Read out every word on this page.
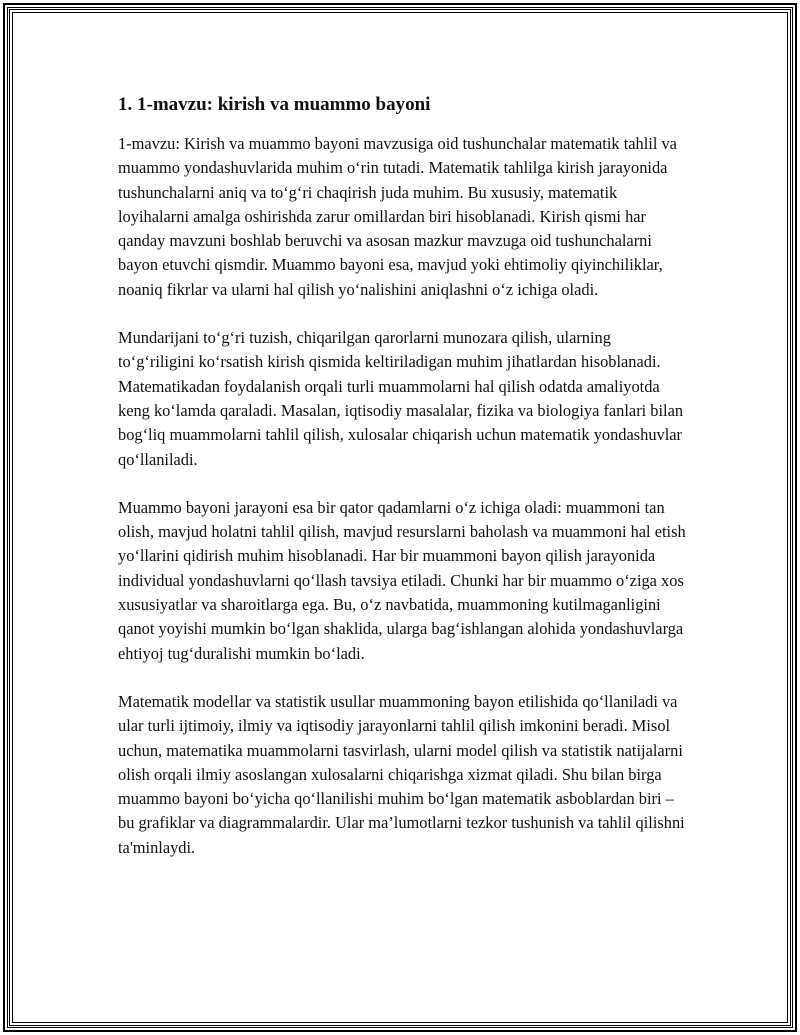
1. 1-mavzu: kirish va muammo bayoni

1-mavzu: Kirish va muammo bayoni mavzusiga oid tushunchalar matematik tahlil va muammo yondashuvlarida muhim o‘rin tutadi. Matematik tahlilga kirish jarayonida tushunchalarni aniq va to‘g‘ri chaqirish juda muhim. Bu xususiy, matematik loyihalarni amalga oshirishda zarur omillardan biri hisoblanadi. Kirish qismi har qanday mavzuni boshlab beruvchi va asosan mazkur mavzuga oid tushunchalarni bayon etuvchi qismdir. Muammo bayoni esa, mavjud yoki ehtimoliy qiyinchiliklar, noaniq fikrlar va ularni hal qilish yo‘nalishini aniqlashni o‘z ichiga oladi.

Mundarijani to‘g‘ri tuzish, chiqarilgan qarorlarni munozara qilish, ularning to‘g‘riligini ko‘rsatish kirish qismida keltiriladigan muhim jihatlardan hisoblanadi. Matematikadan foydalanish orqali turli muammolarni hal qilish odatda amaliyotda keng ko‘lamda qaraladi. Masalan, iqtisodiy masalalar, fizika va biologiya fanlari bilan bog‘liq muammolarni tahlil qilish, xulosalar chiqarish uchun matematik yondashuvlar qo‘llaniladi.

Muammo bayoni jarayoni esa bir qator qadamlarni o‘z ichiga oladi: muammoni tan olish, mavjud holatni tahlil qilish, mavjud resurslarni baholash va muammoni hal etish yo‘llarini qidirish muhim hisoblanadi. Har bir muammoni bayon qilish jarayonida individual yondashuvlarni qo‘llash tavsiya etiladi. Chunki har bir muammo o‘ziga xos xususiyatlar va sharoitlarga ega. Bu, o‘z navbatida, muammoning kutilmaganligini qanot yoyishi mumkin bo‘lgan shaklida, ularga bag‘ishlangan alohida yondashuvlarga ehtiyoj tug‘duralishi mumkin bo‘ladi.

Matematik modellar va statistik usullar muammoning bayon etilishida qo‘llaniladi va ular turli ijtimoiy, ilmiy va iqtisodiy jarayonlarni tahlil qilish imkonini beradi. Misol uchun, matematika muammolarni tasvirlash, ularni model qilish va statistik natijalarni olish orqali ilmiy asoslangan xulosalarni chiqarishga xizmat qiladi. Shu bilan birga muammo bayoni bo‘yicha qo‘llanilishi muhim bo‘lgan matematik asboblardan biri – bu grafiklar va diagrammalardir. Ular ma’lumotlarni tezkor tushunish va tahlil qilishni ta'minlaydi.
